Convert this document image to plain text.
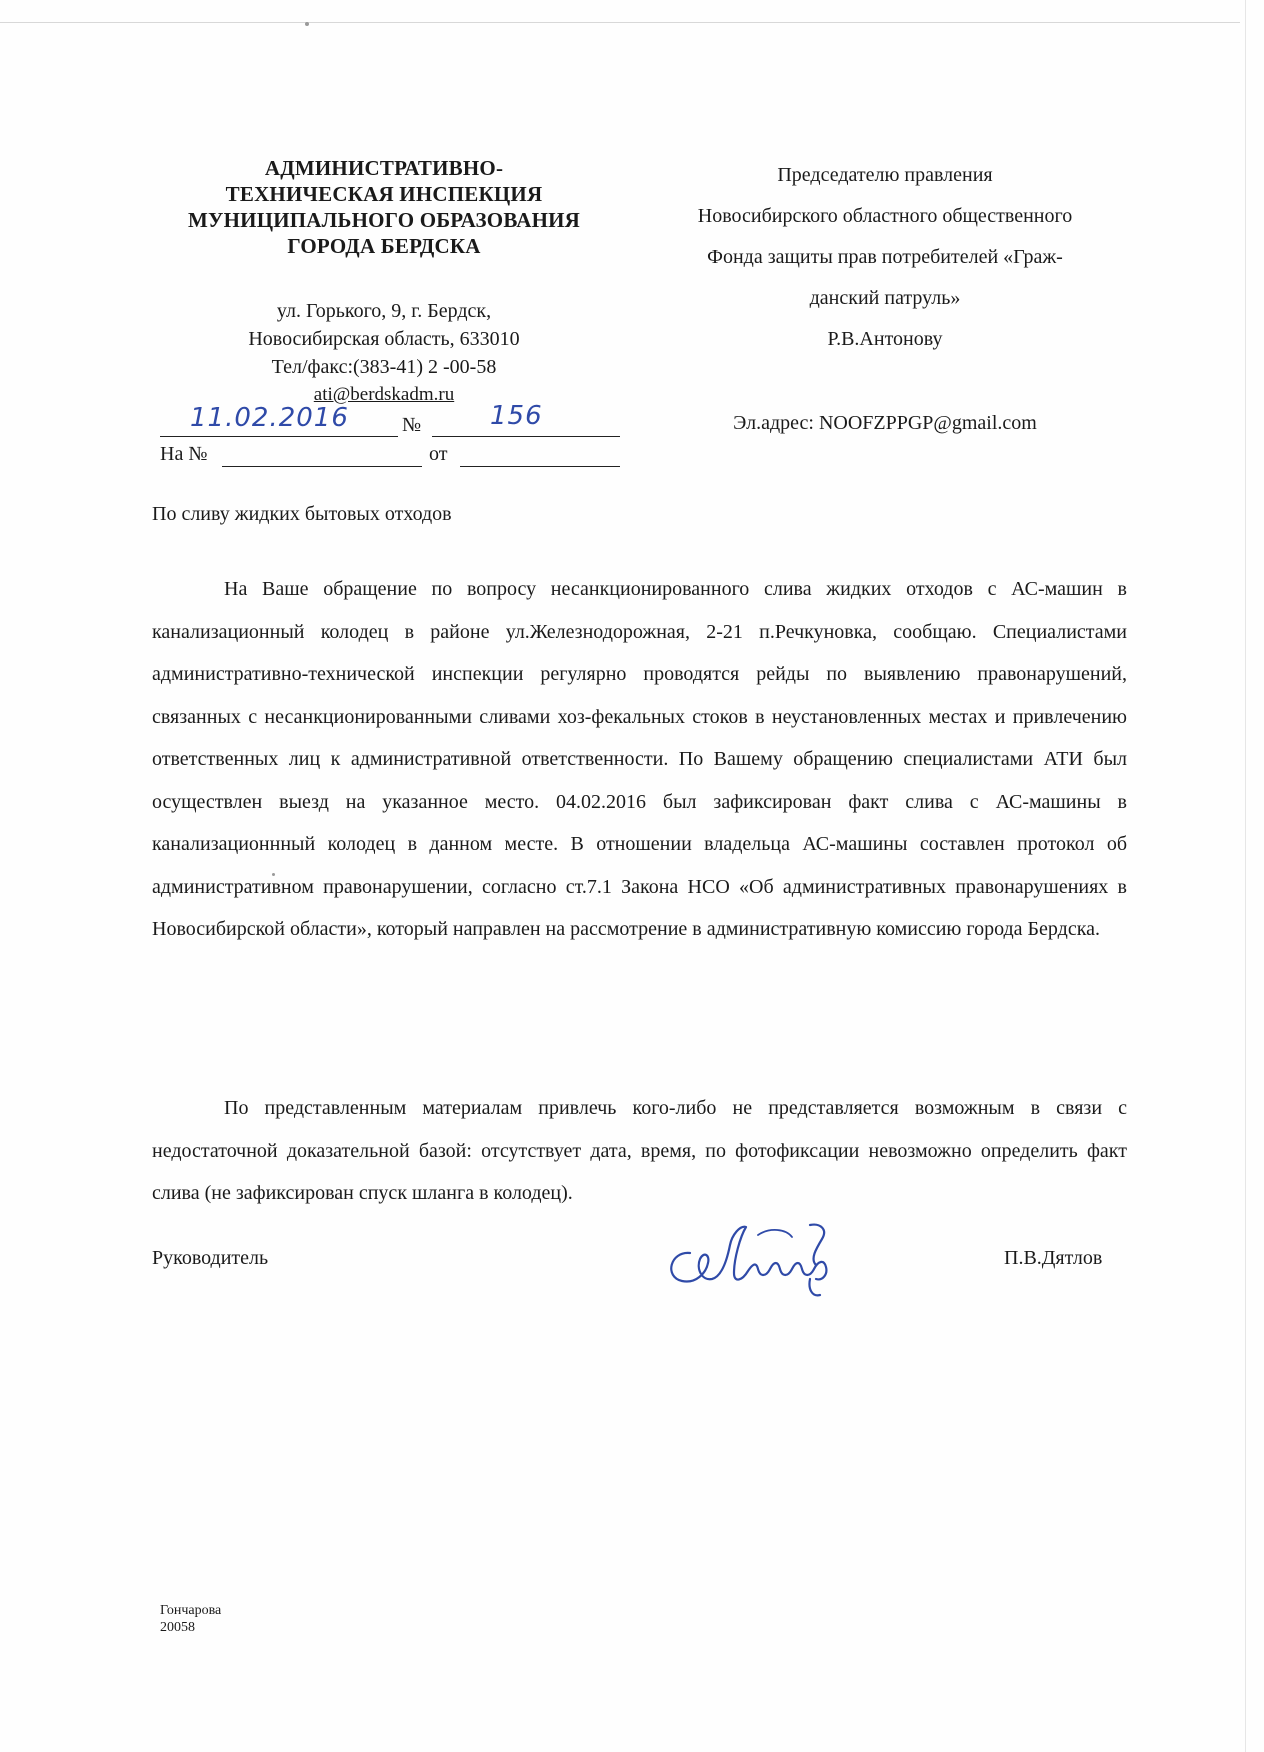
АДМИНИСТРАТИВНО-
ТЕХНИЧЕСКАЯ ИНСПЕКЦИЯ
МУНИЦИПАЛЬНОГО ОБРАЗОВАНИЯ
ГОРОДА БЕРДСКА
ул. Горького, 9, г. Бердск,
Новосибирская область, 633010
Тел/факс:(383-41) 2 -00-58
ati@berdskadm.ru
11.02.2016	№	156
На №	от
Председателю правления
Новосибирского областного общественного
Фонда защиты прав потребителей «Граж-
данский патруль»
Р.В.Антонову
Эл.адрес: NOOFZPPGP@gmail.com
По сливу жидких бытовых отходов

На Ваше обращение по вопросу несанкционированного слива жидких отходов с АС-машин в канализационный колодец в районе ул.Железнодорожная, 2-21 п.Речкуновка, сообщаю. Специалистами административно-технической инспекции регулярно проводятся рейды по выявлению правонарушений, связанных с несанкционированными сливами хоз-фекальных стоков в неустановленных местах и привлечению ответственных лиц к административной ответственности. По Вашему обращению специалистами АТИ был осуществлен выезд на указанное место. 04.02.2016 был зафиксирован факт слива с АС-машины в канализационнный колодец в данном месте. В отношении владельца АС-машины составлен протокол об административном правонарушении, согласно ст.7.1 Закона НСО «Об административных правонарушениях в Новосибирской области», который направлен на рассмотрение в административную комиссию города Бердска.

По представленным материалам привлечь кого-либо не представляется возможным в связи с недостаточной доказательной базой: отсутствует дата, время, по фотофиксации невозможно определить факт слива (не зафиксирован спуск шланга в колодец).

Руководитель	П.В.Дятлов
Гончарова
20058
